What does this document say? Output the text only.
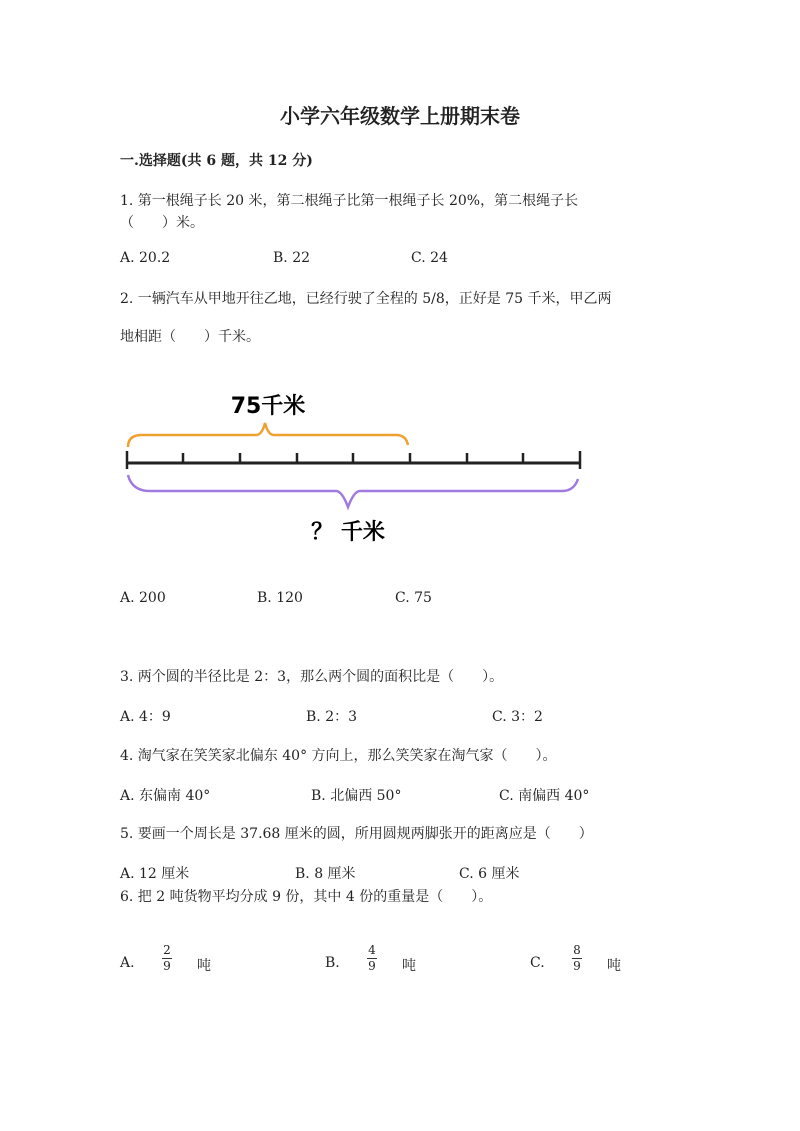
小学六年级数学上册期末卷
一.选择题(共 6 题，共 12 分)
1. 第一根绳子长 20 米，第二根绳子比第一根绳子长 20%，第二根绳子长
（　　）米。
A. 20.2	B. 22	C. 24
2. 一辆汽车从甲地开往乙地，已经行驶了全程的 5/8，正好是 75 千米，甲乙两
地相距（　　）千米。
75千米
？ 千米
A. 200	B. 120	C. 75
3. 两个圆的半径比是 2：3，那么两个圆的面积比是（　　）。
A. 4：9	B. 2：3	C. 3：2
4. 淘气家在笑笑家北偏东 40° 方向上，那么笑笑家在淘气家（　　）。
A. 东偏南 40°	B. 北偏西 50°	C. 南偏西 40°
5. 要画一个周长是 37.68 厘米的圆，所用圆规两脚张开的距离应是（　　）
A. 12 厘米	B. 8 厘米	C. 6 厘米
6. 把 2 吨货物平均分成 9 份，其中 4 份的重量是（　　）。
A.
2
9 吨	B.
4
9 吨	C.
8
9 吨
